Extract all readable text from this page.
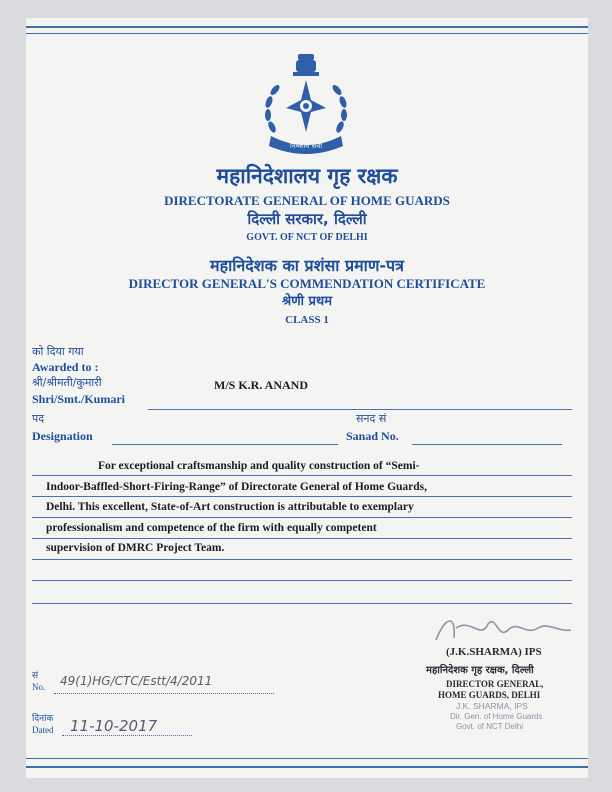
निष्काम सेवा
महानिदेशालय गृह रक्षक
DIRECTORATE GENERAL OF HOME GUARDS
दिल्ली सरकार, दिल्ली
GOVT. OF NCT OF DELHI
महानिदेशक का प्रशंसा प्रमाण-पत्र
DIRECTOR GENERAL'S COMMENDATION CERTIFICATE
श्रेणी प्रथम
CLASS 1
को दिया गया
Awarded to :
श्री/श्रीमती/कुमारी
Shri/Smt./Kumari
M/S K.R. ANAND
पद	सनद सं
Designation	Sanad No.
For exceptional craftsmanship and quality construction of “Semi-
Indoor-Baffled-Short-Firing-Range” of Directorate General of Home Guards,
Delhi. This excellent, State-of-Art construction is attributable to exemplary
professionalism and competence of the firm with equally competent
supervision of DMRC Project Team.
(J.K.SHARMA) IPS
महानिदेशक गृह रक्षक, दिल्ली
DIRECTOR GENERAL,
HOME GUARDS, DELHI
J.K. SHARMA, IPS
Dir. Gen. of Home Guards
Govt. of NCT Delhi
सं
No. 49(1)HG/CTC/Estt/4/2011
दिनांक
Dated 11-10-2017
